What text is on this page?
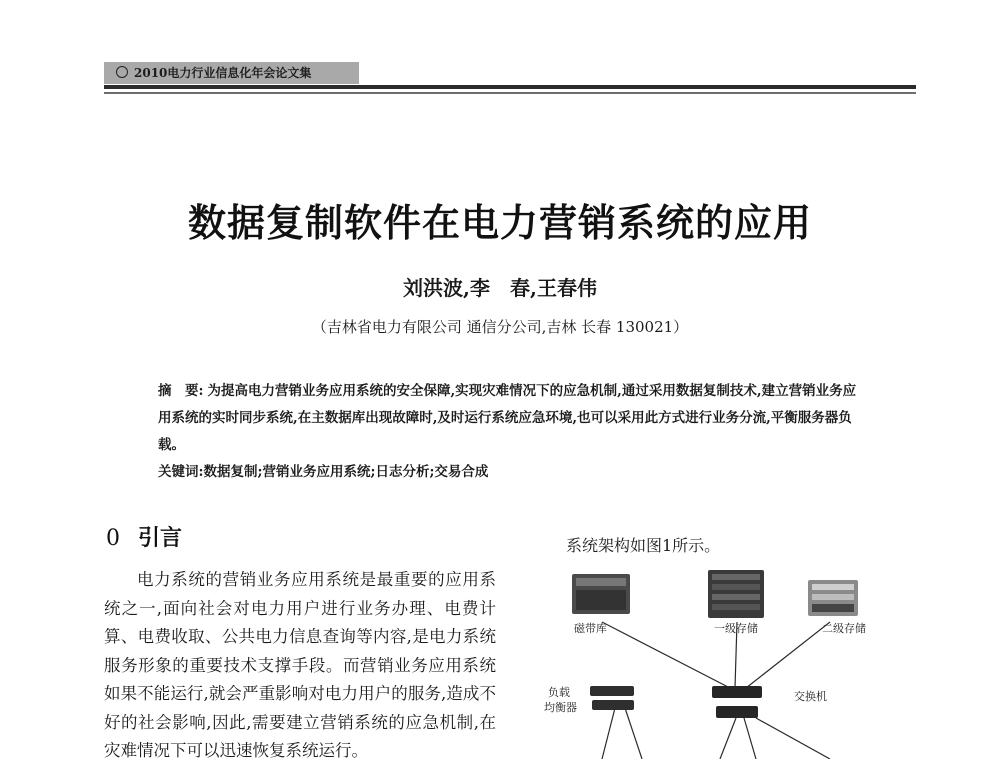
2010电力行业信息化年会论文集
数据复制软件在电力营销系统的应用
刘洪波,李　春,王春伟
（吉林省电力有限公司 通信分公司,吉林 长春 130021）
摘　要: 为提高电力营销业务应用系统的安全保障,实现灾难情况下的应急机制,通过采用数据复制技术,建立营销业务应用系统的实时同步系统,在主数据库出现故障时,及时运行系统应急环境,也可以采用此方式进行业务分流,平衡服务器负载。
关键词:数据复制;营销业务应用系统;日志分析;交易合成
0 引言
电力系统的营销业务应用系统是最重要的应用系统之一,面向社会对电力用户进行业务办理、电费计算、电费收取、公共电力信息查询等内容,是电力系统服务形象的重要技术支撑手段。而营销业务应用系统如果不能运行,就会严重影响对电力用户的服务,造成不好的社会影响,因此,需要建立营销系统的应急机制,在灾难情况下可以迅速恢复系统运行。
系统架构如图1所示。
磁带库	一级存储	二级存储
负载
均衡器
交换机
